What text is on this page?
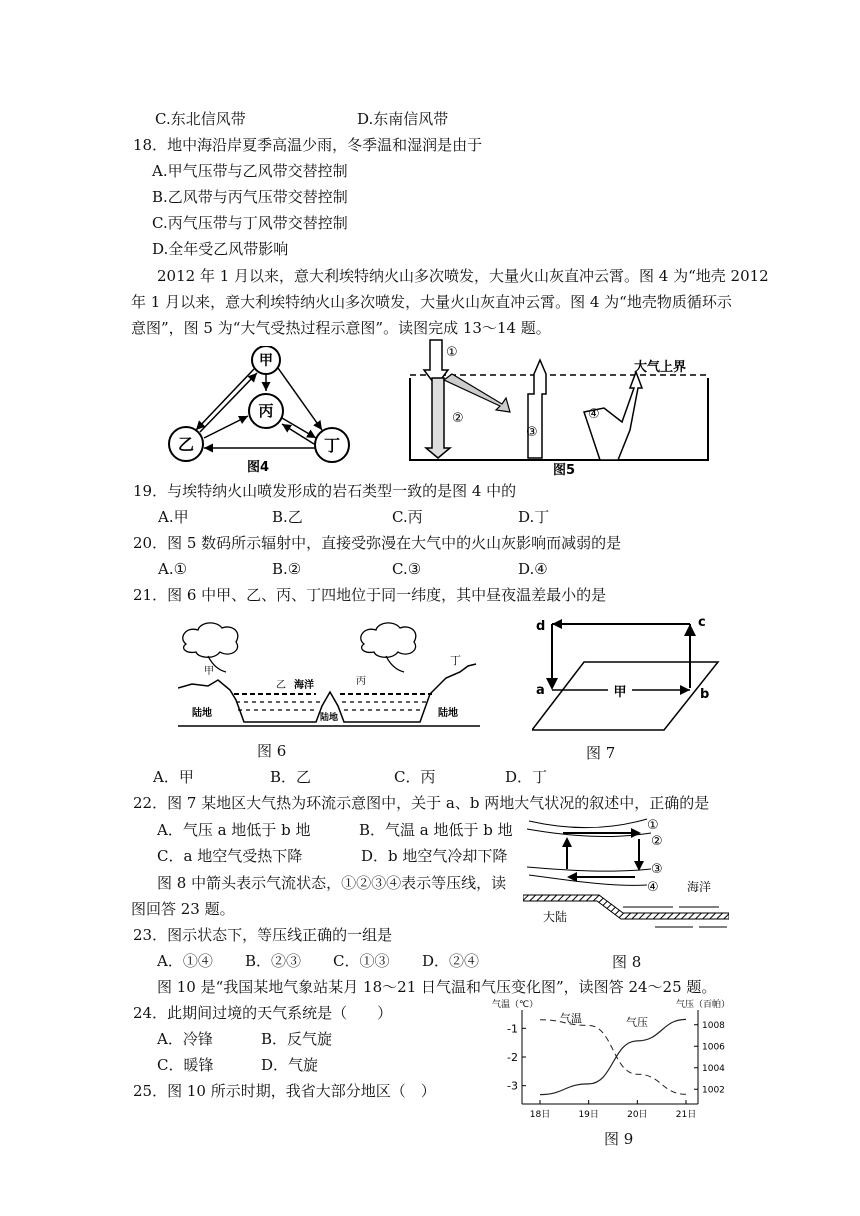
C.东北信风带	D.东南信风带
18．地中海沿岸夏季高温少雨，冬季温和湿润是由于
A.甲气压带与乙风带交替控制
B.乙风带与丙气压带交替控制
C.丙气压带与丁风带交替控制
D.全年受乙风带影响
2012 年 1 月以来，意大利埃特纳火山多次喷发，大量火山灰直冲云霄。图 4 为“地壳 2012
年 1 月以来，意大利埃特纳火山多次喷发，大量火山灰直冲云霄。图 4 为“地壳物质循环示
意图”，图 5 为“大气受热过程示意图”。读图完成 13～14 题。
甲
丙
乙	丁
图4
大气上界
①
②
③
④
图5
19．与埃特纳火山喷发形成的岩石类型一致的是图 4 中的
A.甲	B.乙	C.丙	D.丁
20．图 5 数码所示辐射中，直接受弥漫在大气中的火山灰影响而减弱的是
A.①	B.②	C.③	D.④
21．图 6 中甲、乙、丙、丁四地位于同一纬度，其中昼夜温差最小的是
甲
乙 海洋	丙
丁
陆地	陆地	陆地
图 6
d	c
a	b
甲
图 7
A．甲	B．乙	C．丙	D．丁
22．图 7 某地区大气热为环流示意图中，关于 a、b 两地大气状况的叙述中，正确的是
A．气压 a 地低于 b 地	B．气温 a 地低于 b 地
C．a 地空气受热下降	D．b 地空气冷却下降
①
②
③
④ 海洋
大陆
图 8 中箭头表示气流状态，①②③④表示等压线，读
图回答 23 题。
23．图示状态下，等压线正确的一组是
A．①④ B．②③ C．①③ D．②④	图 8
图 10 是“我国某地气象站某月 18～21 日气温和气压变化图”，读图答 24～25 题。
24．此期间过境的天气系统是（　　）
A．冷锋	B．反气旋
C．暖锋	D．气旋
25．图 10 所示时期，我省大部分地区（　）
气温（℃）	气压（百帕）
-1
-2
-3
1008
1006
1004
1002
18日	19日	20日	21日
气温	气压
图 9
